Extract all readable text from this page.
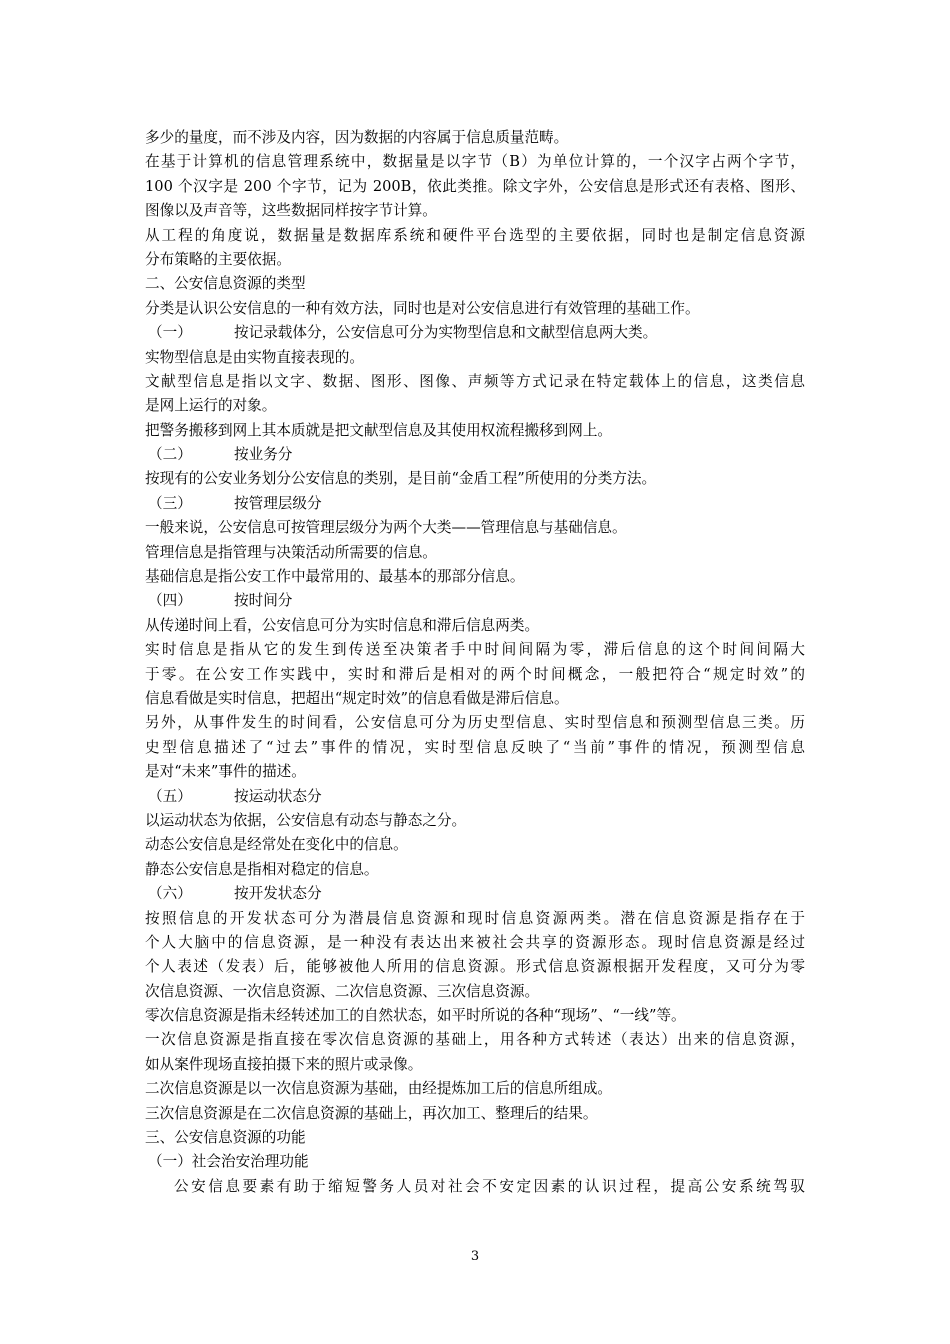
多少的量度，而不涉及内容，因为数据的内容属于信息质量范畴。
在基于计算机的信息管理系统中，数据量是以字节（B）为单位计算的，一个汉字占两个字节，
100 个汉字是 200 个字节，记为 200B，依此类推。除文字外，公安信息是形式还有表格、图形、
图像以及声音等，这些数据同样按字节计算。
从工程的角度说，数据量是数据库系统和硬件平台选型的主要依据，同时也是制定信息资源
分布策略的主要依据。
二、公安信息资源的类型
分类是认识公安信息的一种有效方法，同时也是对公安信息进行有效管理的基础工作。
（一）	按记录载体分，公安信息可分为实物型信息和文献型信息两大类。
实物型信息是由实物直接表现的。
文献型信息是指以文字、数据、图形、图像、声频等方式记录在特定载体上的信息，这类信息
是网上运行的对象。
把警务搬移到网上其本质就是把文献型信息及其使用权流程搬移到网上。
（二）	按业务分
按现有的公安业务划分公安信息的类别，是目前“金盾工程”所使用的分类方法。
（三）	按管理层级分
一般来说，公安信息可按管理层级分为两个大类——管理信息与基础信息。
管理信息是指管理与决策活动所需要的信息。
基础信息是指公安工作中最常用的、最基本的那部分信息。
（四）	按时间分
从传递时间上看，公安信息可分为实时信息和滞后信息两类。
实时信息是指从它的发生到传送至决策者手中时间间隔为零，滞后信息的这个时间间隔大
于零。在公安工作实践中，实时和滞后是相对的两个时间概念，一般把符合“规定时效”的
信息看做是实时信息，把超出“规定时效”的信息看做是滞后信息。
另外，从事件发生的时间看，公安信息可分为历史型信息、实时型信息和预测型信息三类。历
史型信息描述了“过去”事件的情况，实时型信息反映了“当前”事件的情况，预测型信息
是对“未来”事件的描述。
（五）	按运动状态分
以运动状态为依据，公安信息有动态与静态之分。
动态公安信息是经常处在变化中的信息。
静态公安信息是指相对稳定的信息。
（六）	按开发状态分
按照信息的开发状态可分为潜晨信息资源和现时信息资源两类。潜在信息资源是指存在于
个人大脑中的信息资源，是一种没有表达出来被社会共享的资源形态。现时信息资源是经过
个人表述（发表）后，能够被他人所用的信息资源。形式信息资源根据开发程度，又可分为零
次信息资源、一次信息资源、二次信息资源、三次信息资源。
零次信息资源是指未经转述加工的自然状态，如平时所说的各种“现场”、“一线”等。
一次信息资源是指直接在零次信息资源的基础上，用各种方式转述（表达）出来的信息资源，
如从案件现场直接拍摄下来的照片或录像。
二次信息资源是以一次信息资源为基础，由经提炼加工后的信息所组成。
三次信息资源是在二次信息资源的基础上，再次加工、整理后的结果。
三、公安信息资源的功能
（一）社会治安治理功能
公安信息要素有助于缩短警务人员对社会不安定因素的认识过程，提高公安系统驾驭
3
